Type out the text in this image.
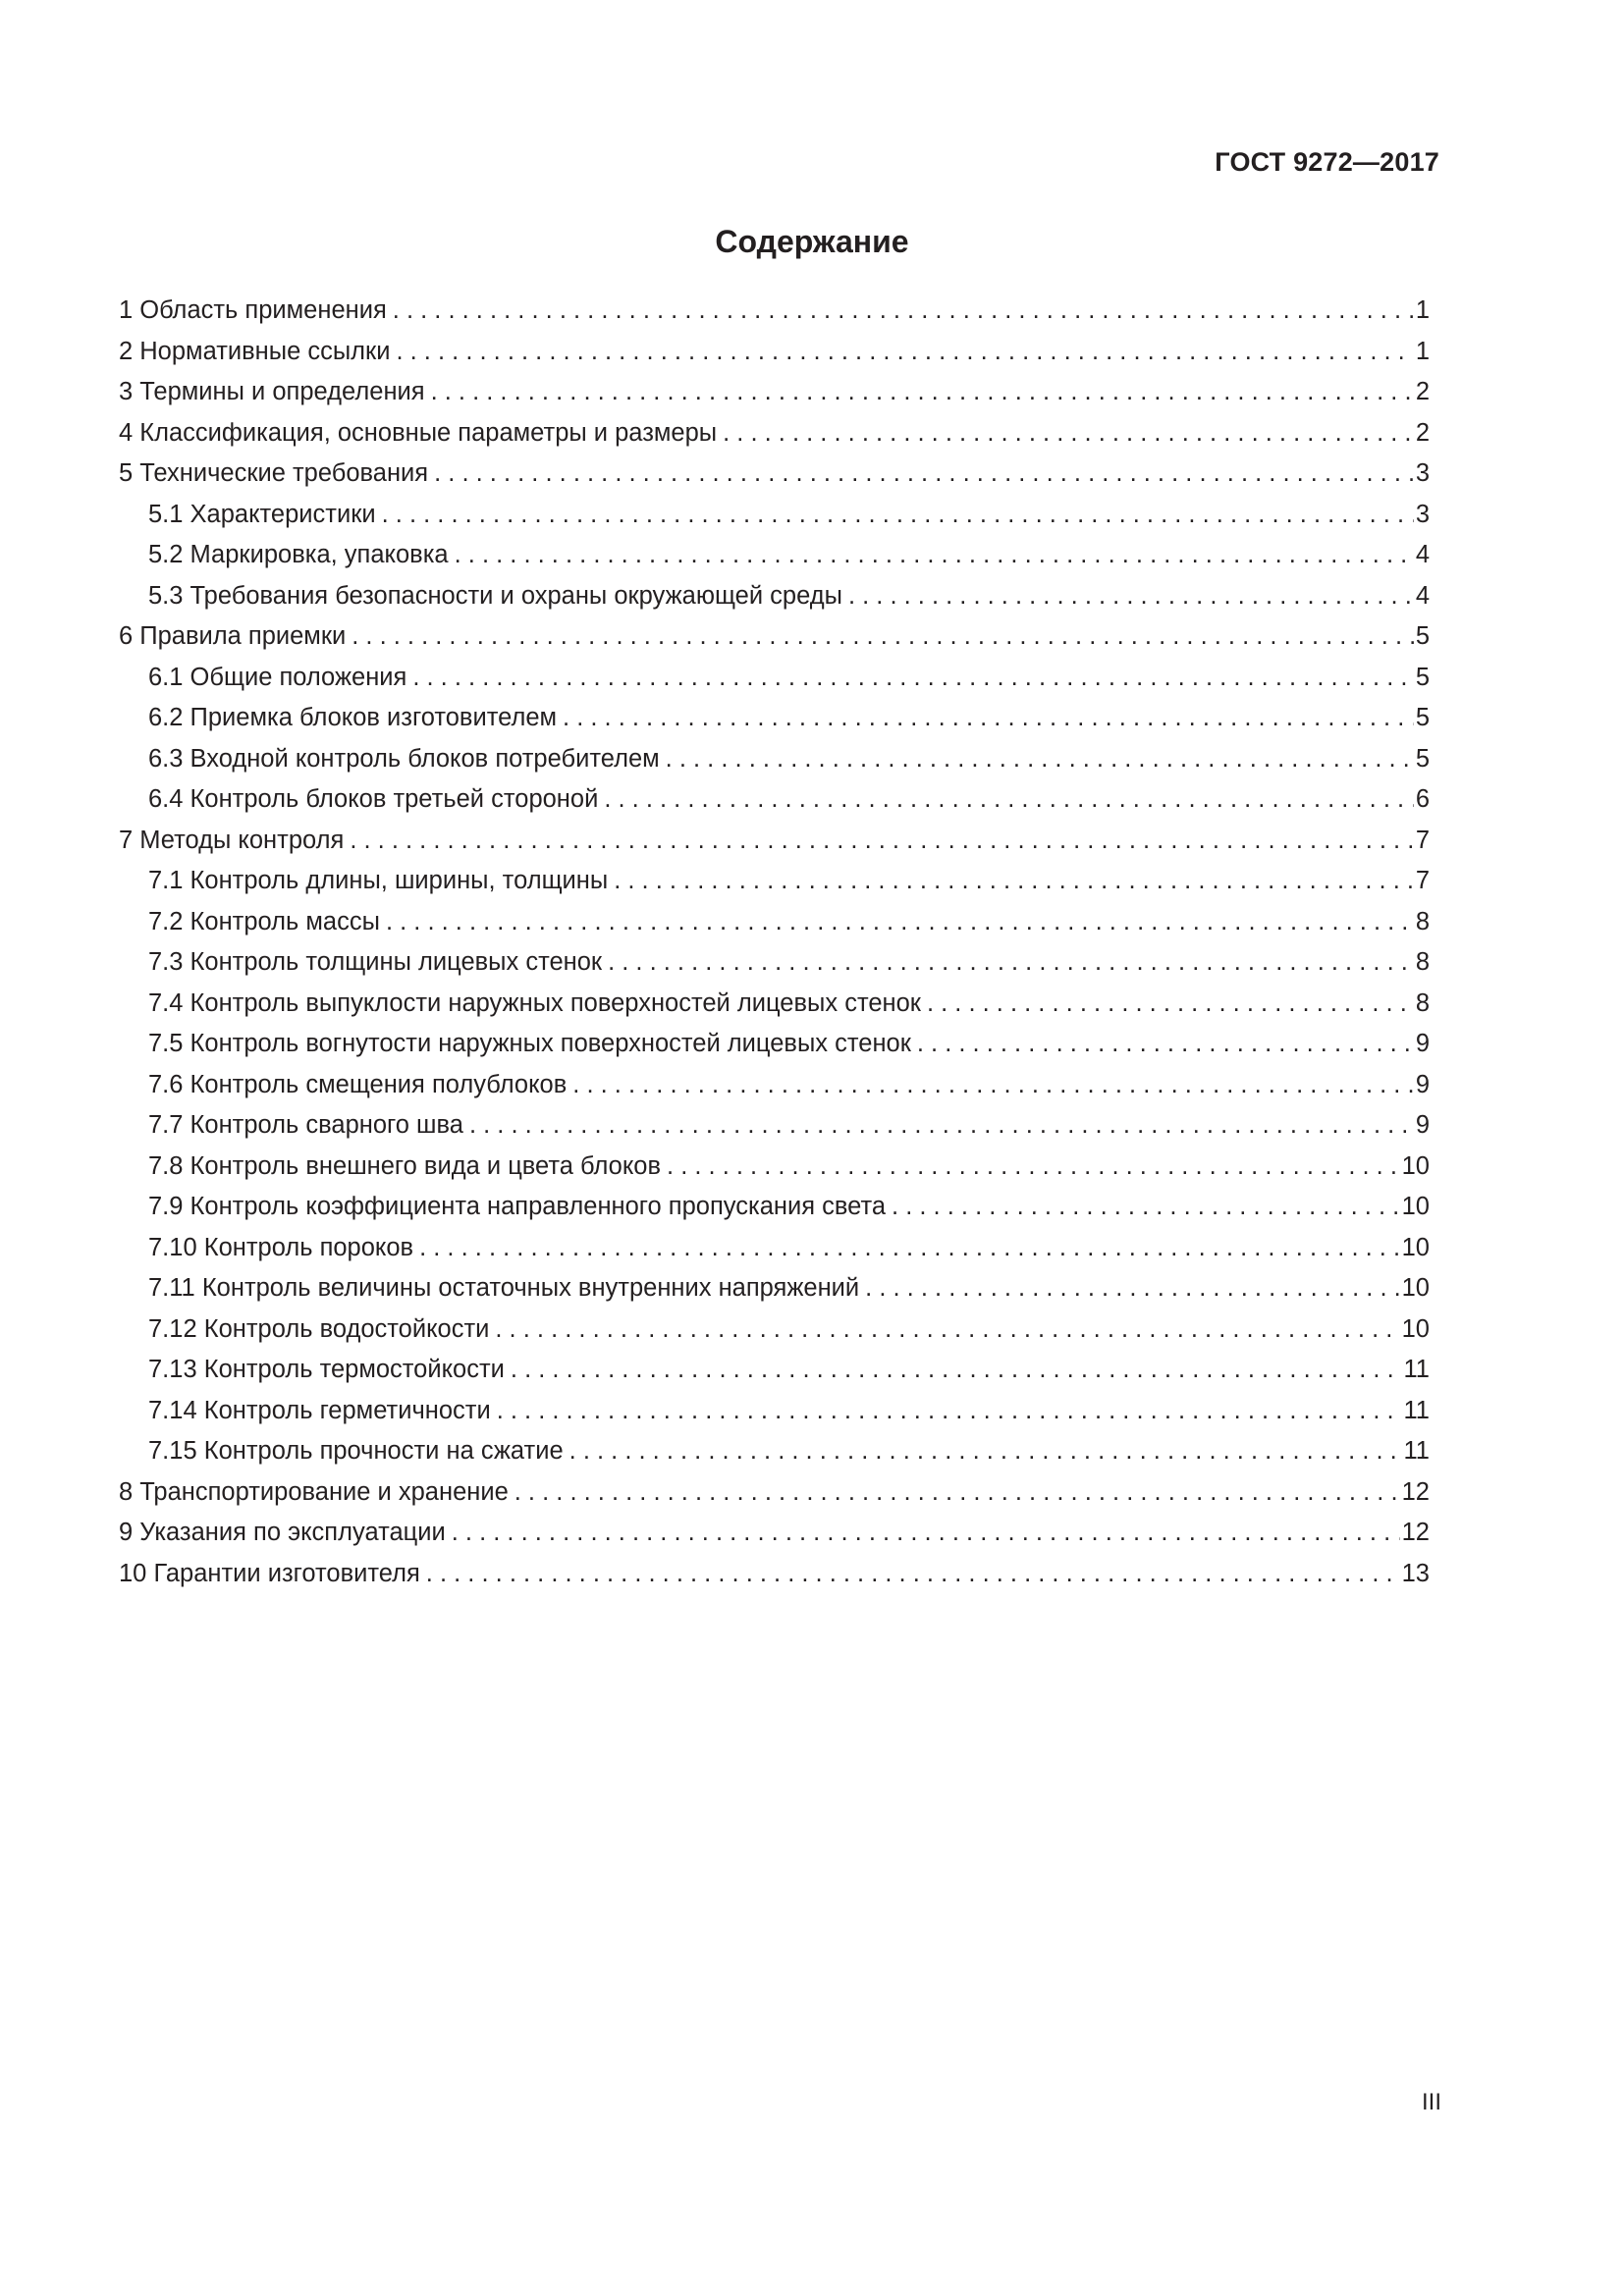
ГОСТ 9272—2017
Содержание
1 Область применения . . .	1
2 Нормативные ссылки . . .	1
3 Термины и определения . . .	2
4 Классификация, основные параметры и размеры . . .	2
5 Технические требования . . .	3
5.1 Характеристики . . .	3
5.2 Маркировка, упаковка . . .	4
5.3 Требования безопасности и охраны окружающей среды . . .	4
6 Правила приемки . . .	5
6.1 Общие положения . . .	5
6.2 Приемка блоков изготовителем . . .	5
6.3 Входной контроль блоков потребителем . . .	5
6.4 Контроль блоков третьей стороной . . .	6
7 Методы контроля . . .	7
7.1 Контроль длины, ширины, толщины . . .	7
7.2 Контроль массы . . .	8
7.3 Контроль толщины лицевых стенок . . .	8
7.4 Контроль выпуклости наружных поверхностей лицевых стенок . . .	8
7.5 Контроль вогнутости наружных поверхностей лицевых стенок . . .	9
7.6 Контроль смещения полублоков . . .	9
7.7 Контроль сварного шва . . .	9
7.8 Контроль внешнего вида и цвета блоков . . .	10
7.9 Контроль коэффициента направленного пропускания света . . .	10
7.10 Контроль пороков . . .	10
7.11 Контроль величины остаточных внутренних напряжений . . .	10
7.12 Контроль водостойкости . . .	10
7.13 Контроль термостойкости . . .	11
7.14 Контроль герметичности . . .	11
7.15 Контроль прочности на сжатие . . .	11
8 Транспортирование и хранение . . .	12
9 Указания по эксплуатации . . .	12
10 Гарантии изготовителя . . .	13
III
